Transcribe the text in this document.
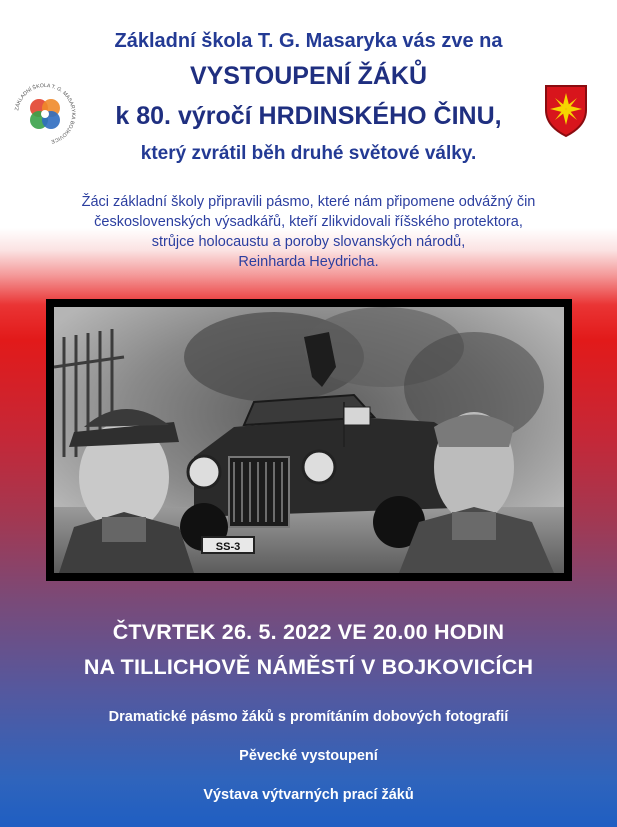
ZÁKLADNÍ ŠKOLA T. G. MASARYKA BOJKOVICE
Základní škola T. G. Masaryka vás zve na
VYSTOUPENÍ ŽÁKŮ
k 80. výročí HRDINSKÉHO ČINU,
který zvrátil běh druhé světové války.
Žáci základní školy připravili pásmo, které nám připomene odvážný čin
československých výsadkářů, kteří zlikvidovali říšského protektora,
strůjce holocaustu a poroby slovanských národů,
Reinharda Heydricha.
SS-3
ČTVRTEK 26. 5. 2022 VE 20.00 HODIN
NA TILLICHOVĚ NÁMĚSTÍ V BOJKOVICÍCH
Dramatické pásmo žáků s promítáním dobových fotografií
Pěvecké vystoupení
Výstava výtvarných prací žáků
